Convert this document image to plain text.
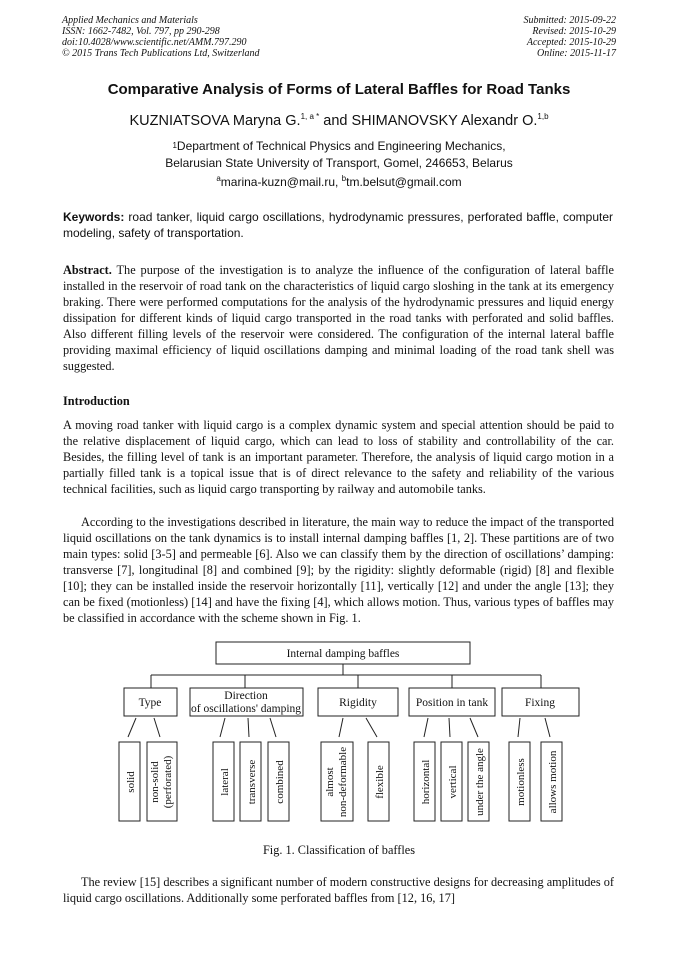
Applied Mechanics and Materials
ISSN: 1662-7482, Vol. 797, pp 290-298
doi:10.4028/www.scientific.net/AMM.797.290
© 2015 Trans Tech Publications Ltd, Switzerland
Submitted: 2015-09-22
Revised: 2015-10-29
Accepted: 2015-10-29
Online: 2015-11-17
Comparative Analysis of Forms of Lateral Baffles for Road Tanks
KUZNIATSOVA Maryna G.$^{1, a *}$ and SHIMANOVSKY Alexandr O.$^{1,b}$
$^1$Department of Technical Physics and Engineering Mechanics,
Belarusian State University of Transport, Gomel, 246653, Belarus
$^a$marina-kuzn@mail.ru, $^b$tm.belsut@gmail.com
Keywords: road tanker, liquid cargo oscillations, hydrodynamic pressures, perforated baffle, computer modeling, safety of transportation.
Abstract. The purpose of the investigation is to analyze the influence of the configuration of lateral baffle installed in the reservoir of road tank on the characteristics of liquid cargo sloshing in the tank at its emergency braking. There were performed computations for the analysis of the hydrodynamic pressures and liquid energy dissipation for different kinds of liquid cargo transported in the road tanks with perforated and solid baffles. Also different filling levels of the reservoir were considered. The configuration of the internal lateral baffle providing maximal efficiency of liquid oscillations damping and minimal loading of the road tank shell was suggested.
Introduction
A moving road tanker with liquid cargo is a complex dynamic system and special attention should be paid to the relative displacement of liquid cargo, which can lead to loss of stability and controllability of the car. Besides, the filling level of tank is an important parameter. Therefore, the analysis of liquid cargo motion in a partially filled tank is a topical issue that is of direct relevance to the safety and reliability of the various technical facilities, such as liquid cargo transporting by railway and automobile tanks.
According to the investigations described in literature, the main way to reduce the impact of the transported liquid oscillations on the tank dynamics is to install internal damping baffles [1, 2]. These partitions are of two main types: solid [3-5] and permeable [6]. Also we can classify them by the direction of oscillations’ damping: transverse [7], longitudinal [8] and combined [9]; by the rigidity: slightly deformable (rigid) [8] and flexible [10]; they can be installed inside the reservoir horizontally [11], vertically [12] and under the angle [13]; they can be fixed (motionless) [14] and have the fixing [4], which allows motion. Thus, various types of baffles may be classified in accordance with the scheme shown in Fig. 1.
Internal damping baffles
Type
Direction
of oscillations' damping	Rigidity	Position in tank	Fixing
solid non-solid (perforated)	lateral transverse combined	almost non-deformable flexible	horizontal vertical under the angle	motionless allows motion
Fig. 1. Classification of baffles
The review [15] describes a significant number of modern constructive designs for decreasing amplitudes of liquid cargo oscillations. Additionally some perforated baffles from [12, 16, 17]
